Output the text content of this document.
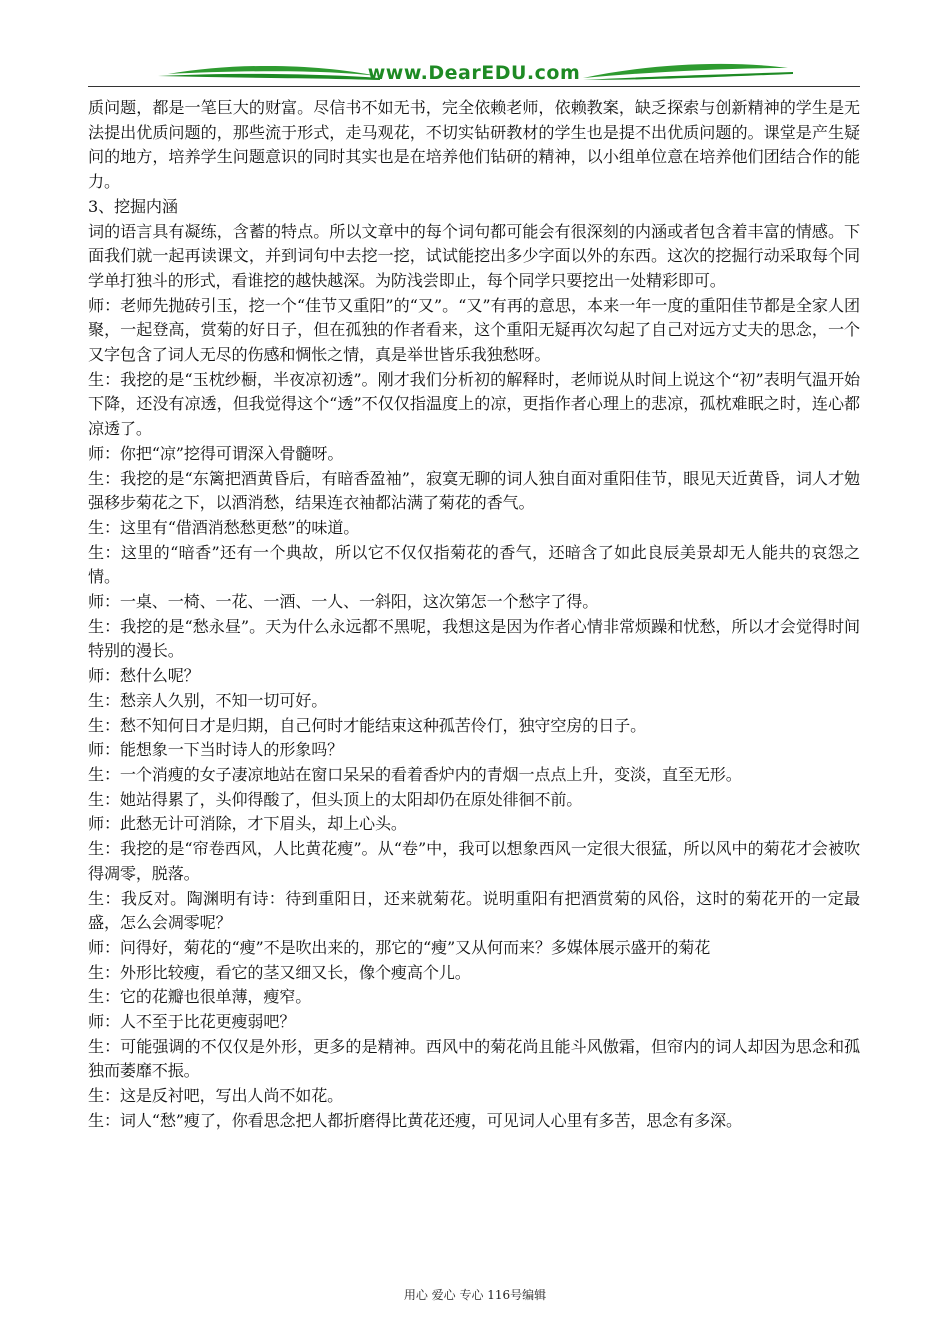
www.DearEDU.com

质问题，都是一笔巨大的财富。尽信书不如无书，完全依赖老师，依赖教案，缺乏探索与创新精神的学生是无法提出优质问题的，那些流于形式，走马观花，不切实钻研教材的学生也是提不出优质问题的。课堂是产生疑问的地方，培养学生问题意识的同时其实也是在培养他们钻研的精神，以小组单位意在培养他们团结合作的能力。

3、挖掘内涵

词的语言具有凝练，含蓄的特点。所以文章中的每个词句都可能会有很深刻的内涵或者包含着丰富的情感。下面我们就一起再读课文，并到词句中去挖一挖，试试能挖出多少字面以外的东西。这次的挖掘行动采取每个同学单打独斗的形式，看谁挖的越快越深。为防浅尝即止，每个同学只要挖出一处精彩即可。

师：老师先抛砖引玉，挖一个“佳节又重阳”的“又”。“又”有再的意思，本来一年一度的重阳佳节都是全家人团聚，一起登高，赏菊的好日子，但在孤独的作者看来，这个重阳无疑再次勾起了自己对远方丈夫的思念，一个又字包含了词人无尽的伤感和惆怅之情，真是举世皆乐我独愁呀。

生：我挖的是“玉枕纱橱，半夜凉初透”。刚才我们分析初的解释时，老师说从时间上说这个“初”表明气温开始下降，还没有凉透，但我觉得这个“透”不仅仅指温度上的凉，更指作者心理上的悲凉，孤枕难眠之时，连心都凉透了。

师：你把“凉”挖得可谓深入骨髓呀。

生：我挖的是“东篱把酒黄昏后，有暗香盈袖”，寂寞无聊的词人独自面对重阳佳节，眼见天近黄昏，词人才勉强移步菊花之下，以酒消愁，结果连衣袖都沾满了菊花的香气。

生：这里有“借酒消愁愁更愁”的味道。

生：这里的“暗香”还有一个典故，所以它不仅仅指菊花的香气，还暗含了如此良辰美景却无人能共的哀怨之情。

师：一桌、一椅、一花、一酒、一人、一斜阳，这次第怎一个愁字了得。

生：我挖的是“愁永昼”。天为什么永远都不黑呢，我想这是因为作者心情非常烦躁和忧愁，所以才会觉得时间特别的漫长。

师：愁什么呢？

生：愁亲人久别，不知一切可好。

生：愁不知何日才是归期，自己何时才能结束这种孤苦伶仃，独守空房的日子。

师：能想象一下当时诗人的形象吗？

生：一个消瘦的女子凄凉地站在窗口呆呆的看着香炉内的青烟一点点上升，变淡，直至无形。

生：她站得累了，头仰得酸了，但头顶上的太阳却仍在原处徘徊不前。

师：此愁无计可消除，才下眉头，却上心头。

生：我挖的是“帘卷西风，人比黄花瘦”。从“卷”中，我可以想象西风一定很大很猛，所以风中的菊花才会被吹得凋零，脱落。

生：我反对。陶渊明有诗：待到重阳日，还来就菊花。说明重阳有把酒赏菊的风俗，这时的菊花开的一定最盛，怎么会凋零呢？

师：问得好，菊花的“瘦”不是吹出来的，那它的“瘦”又从何而来？多媒体展示盛开的菊花

生：外形比较瘦，看它的茎又细又长，像个瘦高个儿。

生：它的花瓣也很单薄，瘦窄。

师：人不至于比花更瘦弱吧？

生：可能强调的不仅仅是外形，更多的是精神。西风中的菊花尚且能斗风傲霜，但帘内的词人却因为思念和孤独而萎靡不振。

生：这是反衬吧，写出人尚不如花。

生：词人“愁”瘦了，你看思念把人都折磨得比黄花还瘦，可见词人心里有多苦，思念有多深。

用心 爱心 专心 116号编辑
